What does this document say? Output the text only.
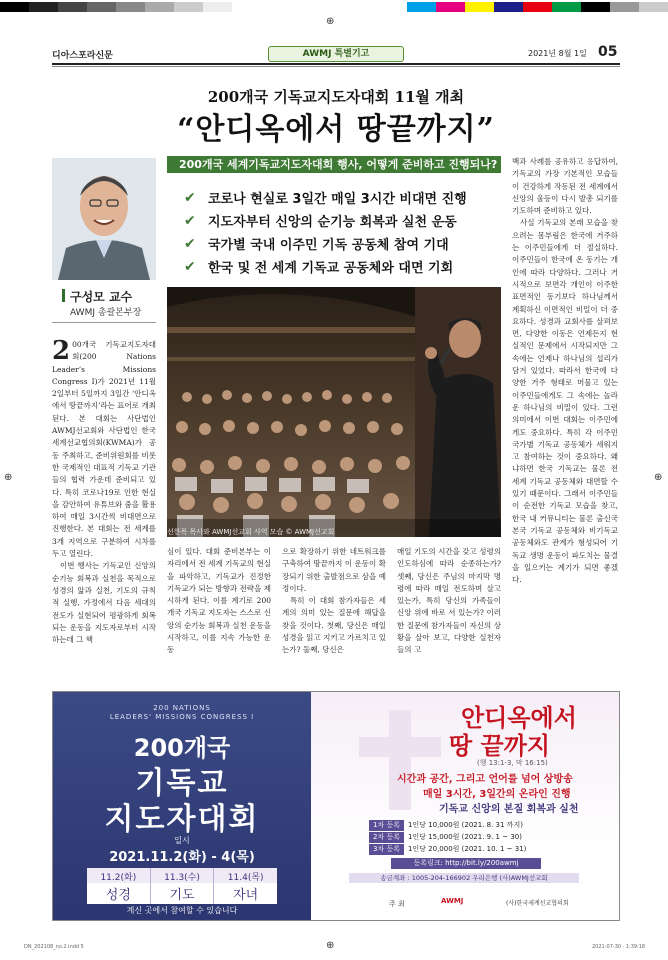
⊕
⊕	⊕
⊕
디아스포라신문	AWMJ 특별기고	2021년 8월 1일 05
200개국 기독교지도자대회 11월 개최
“안디옥에서 땅끝까지”
구성모 교수
AWMJ 총괄본부장
200개국 세계기독교지도자대회 행사, 어떻게 준비하고 진행되나?
✔ 코로나 현실로 3일간 매일 3시간 비대면 진행
✔ 지도자부터 신앙의 순기능 회복과 실천 운동
✔ 국가별 국내 이주민 기독 공동체 참여 기대
✔ 한국 및 전 세계 기독교 공동체와 대면 기회
선한목 목사와 AWMJ선교회 사역 모습 © AWMJ선교회

2 00개국 기독교지도자대회(200 Nations Leader’s Missions Congress I)가 2021년 11월 2일부터 5일까지 3일간 ‘안디옥에서 땅끝까지’라는 표어로 개최된다. 본 대회는 사단법인 AWMJ선교회와 사단법인 한국세계선교협의회(KWMA)가 공동 주최하고, 준비위원회를 비롯한 국제적인 대표적 기독교 기관들의 협력 가운데 준비되고 있다. 특히 코로나19로 인한 현실을 감안하여 유튜브와 줌을 활용하여 매일 3시간씩 비대면으로 진행한다. 본 대회는 전 세계를 3개 지역으로 구분하여 시차를 두고 열린다.

이번 행사는 기독교인 신앙의 순기능 회복과 실천을 목적으로 성경의 앎과 실천, 기도의 규칙적 실행, 가정에서 다음 세대의 전도가 실현되어 평광하게 회복되는 운동을 지도자로부터 시작하는데 그 핵

심이 있다. 대회 준비본부는 이 자리에서 전 세계 기독교의 현실을 파악하고, 기독교가 진정한 기독교가 되는 방향과 전략을 제시하게 된다. 이를 계기로 200개국 기독교 지도자는 스스로 신앙의 순기능 회복과 실천 운동을 시작하고, 이를 지속 가능한 운동

으로 확장하기 위한 네트워크를 구축하여 땅끝까지 이 운동이 확장되기 위한 출발점으로 삼을 예정이다.

특히 이 대회 참가자들은 세계의 의미 있는 질문에 해답을 찾을 것이다. 첫째, 당신은 매일 성경을 읽고 지키고 가르치고 있는가? 둘째, 당신은

매일 기도의 시간을 갖고 성령의 인도하심에 따라 순종하는가? 셋째, 당신은 주님의 마지막 명령에 따라 매일 전도하며 살고 있는가, 특히 당신의 가족들이 신앙 위에 바로 서 있는가? 이러한 질문에 참가자들이 자신의 상황을 살아 보고, 다양한 실천자들의 고

백과 사례를 공유하고 응답하여, 기독교의 가장 기본적인 모습들이 건강하게 작동된 전 세계에서 신앙의 울등이 다시 발총 되기를 기도하며 준비하고 있다.

사실 기독교의 본래 모습을 찾으려는 몸부림은 한국에 거주하는 이주민들에게 더 절실하다. 이주민들이 한국에 온 동기는 개인에 따라 다양하다. 그러나 거시적으로 보면각 개인이 이주한 표면적인 동기보다 하나님께서 계획하신 이면적인 비밀이 더 중요하다. 성경과 교회사를 살펴보면, 다양한 이동은 언제든지 현실적인 문제에서 시작되지만 그 속에는 언제나 하나님의 섭리가 담겨 있었다. 따라서 한국에 다양한 거주 형태로 머물고 있는 이주민들에게도 그 속에는 놀라운 하나님의 비밀이 있다. 그런 의미에서 이번 대회는 이주민에게도 중요하다. 특히 각 이주민 국가별 기독교 공동체가 세워지고 참여하는 것이 중요하다. 왜냐하면 한국 기독교는 물론 전 세계 기독교 공동체와 대면할 수 있기 때문이다. 그래서 이주민들이 순전한 기독교 모습을 찾고, 한국 내 커뮤니티는 물론 출신국 본국 기독교 공동체와 비기독교 공동체와도 관계가 형성되어 기독교 생명 운동이 파도치는 물결을 일으키는 계기가 되면 좋겠다.

200 NATIONS
LEADERS' MISSIONS CONGRESS I
200개국
기독교
지도자대회
일시
2021.11.2(화) - 4(목)
11.2(화)	11.3(수)	11.4(목)
성경	기도	자녀
계신 곳에서 참여할 수 있습니다
안디옥에서
땅 끝까지
(행 13:1-3, 막 16:15)
시간과 공간, 그리고 언어를 넘어 상방송
매일 3시간, 3일간의 온라인 진행
기독교 신앙의 본질 회복과 실천
1차 등록 1인당 10,000원 (2021. 8. 31 까지)
2차 등록 1인당 15,000원 (2021. 9. 1 ~ 30)
3차 등록 1인당 20,000원 (2021. 10. 1 ~ 31)
등록링크: http://bit.ly/200awmj
송금계좌 : 1005-204-166902 우리은행 (사)AWMJ선교회
주 최	AWMJ	(사)한국세계선교협의회
DN_202108_no.2.indd 5	2021-07-30 · 1:39:18
